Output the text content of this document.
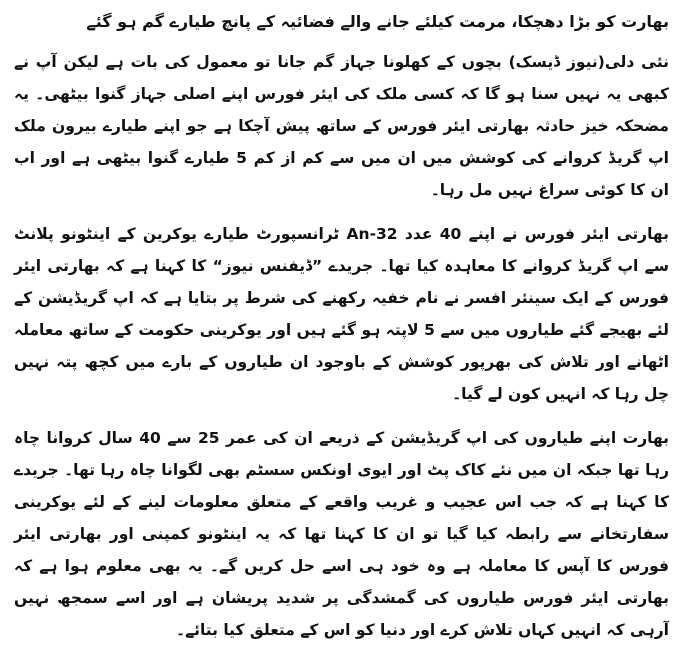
بھارت کو بڑا دھچکا، مرمت کیلئے جانے والے فضائیہ کے پانچ طیارے گم ہو گئے
نئی دلی(نیوز ڈیسک) بچوں کے کھلونا جہاز گم جانا تو معمول کی بات ہے لیکن آپ نے کبھی یہ نہیں سنا ہو گا کہ کسی ملک کی ایئر فورس اپنے اصلی جہاز گنوا بیٹھی۔ یہ مضحکہ خیز حادثہ بھارتی ایئر فورس کے ساتھ پیش آچکا ہے جو اپنے طیارے بیرون ملک اپ گریڈ کروانے کی کوشش میں ان میں سے کم از کم 5 طیارے گنوا بیٹھی ہے اور اب ان کا کوئی سراغ نہیں مل رہا۔
بھارتی ایئر فورس نے اپنے 40 عدد An-32 ٹرانسپورٹ طیارے یوکرین کے اینٹونو پلانٹ سے اپ گریڈ کروانے کا معاہدہ کیا تھا۔ جریدے ”ڈیفنس نیوز“ کا کہنا ہے کہ بھارتی ایئر فورس کے ایک سینئر افسر نے نام خفیہ رکھنے کی شرط پر بتایا ہے کہ اپ گریڈیشن کے لئے بھیجے گئے طیاروں میں سے 5 لاپتہ ہو گئے ہیں اور یوکرینی حکومت کے ساتھ معاملہ اٹھانے اور تلاش کی بھرپور کوشش کے باوجود ان طیاروں کے بارے میں کچھ پتہ نہیں چل رہا کہ انہیں کون لے گیا۔
بھارت اپنے طیاروں کی اپ گریڈیشن کے ذریعے ان کی عمر 25 سے 40 سال کروانا چاہ رہا تھا جبکہ ان میں نئے کاک پٹ اور ایوی اونکس سسٹم بھی لگوانا چاہ رہا تھا۔ جریدے کا کہنا ہے کہ جب اس عجیب و غریب واقعے کے متعلق معلومات لینے کے لئے یوکرینی سفارتخانے سے رابطہ کیا گیا تو ان کا کہنا تھا کہ یہ اینٹونو کمپنی اور بھارتی ایئر فورس کا آپس کا معاملہ ہے وہ خود ہی اسے حل کریں گے۔ یہ بھی معلوم ہوا ہے کہ بھارتی ایئر فورس طیاروں کی گمشدگی پر شدید پریشان ہے اور اسے سمجھ نہیں آرہی کہ انہیں کہاں تلاش کرے اور دنیا کو اس کے متعلق کیا بتائے۔
